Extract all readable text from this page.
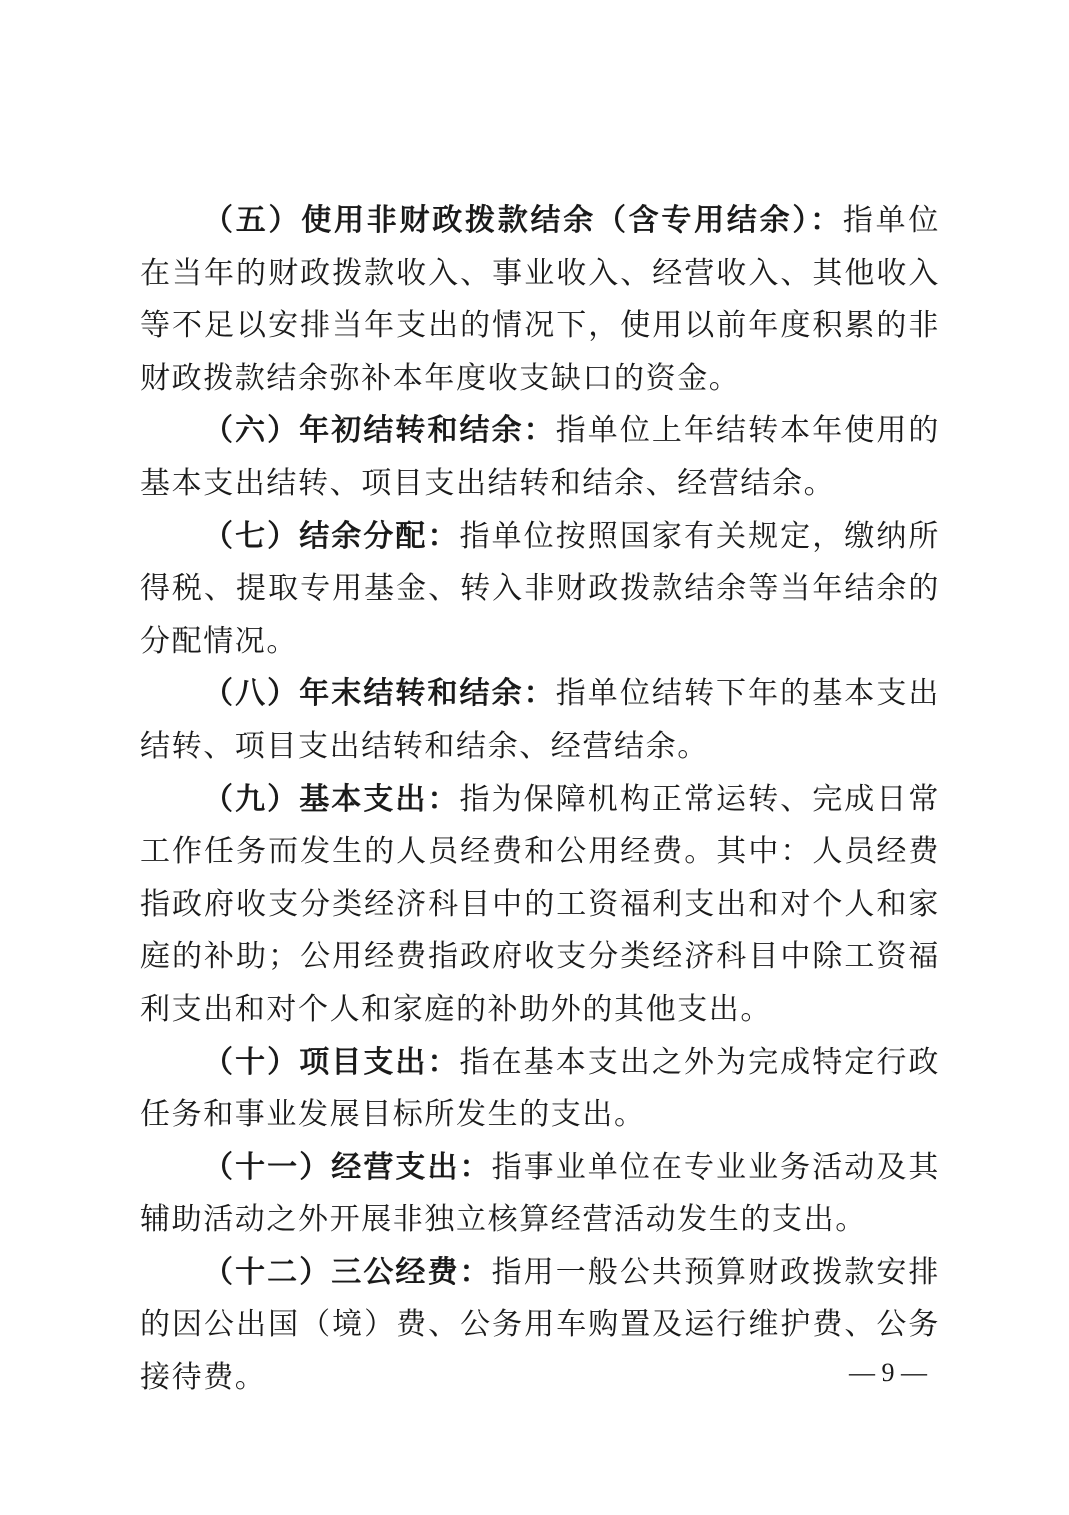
（五）使用非财政拨款结余（含专用结余）：指单位在当年的财政拨款收入、事业收入、经营收入、其他收入等不足以安排当年支出的情况下，使用以前年度积累的非财政拨款结余弥补本年度收支缺口的资金。

（六）年初结转和结余：指单位上年结转本年使用的基本支出结转、项目支出结转和结余、经营结余。

（七）结余分配：指单位按照国家有关规定，缴纳所得税、提取专用基金、转入非财政拨款结余等当年结余的分配情况。

（八）年末结转和结余：指单位结转下年的基本支出结转、项目支出结转和结余、经营结余。

（九）基本支出：指为保障机构正常运转、完成日常工作任务而发生的人员经费和公用经费。其中：人员经费指政府收支分类经济科目中的工资福利支出和对个人和家庭的补助；公用经费指政府收支分类经济科目中除工资福利支出和对个人和家庭的补助外的其他支出。

（十）项目支出：指在基本支出之外为完成特定行政任务和事业发展目标所发生的支出。

（十一）经营支出：指事业单位在专业业务活动及其辅助活动之外开展非独立核算经营活动发生的支出。

（十二）三公经费：指用一般公共预算财政拨款安排的因公出国（境）费、公务用车购置及运行维护费、公务接待费。	— 9 —
